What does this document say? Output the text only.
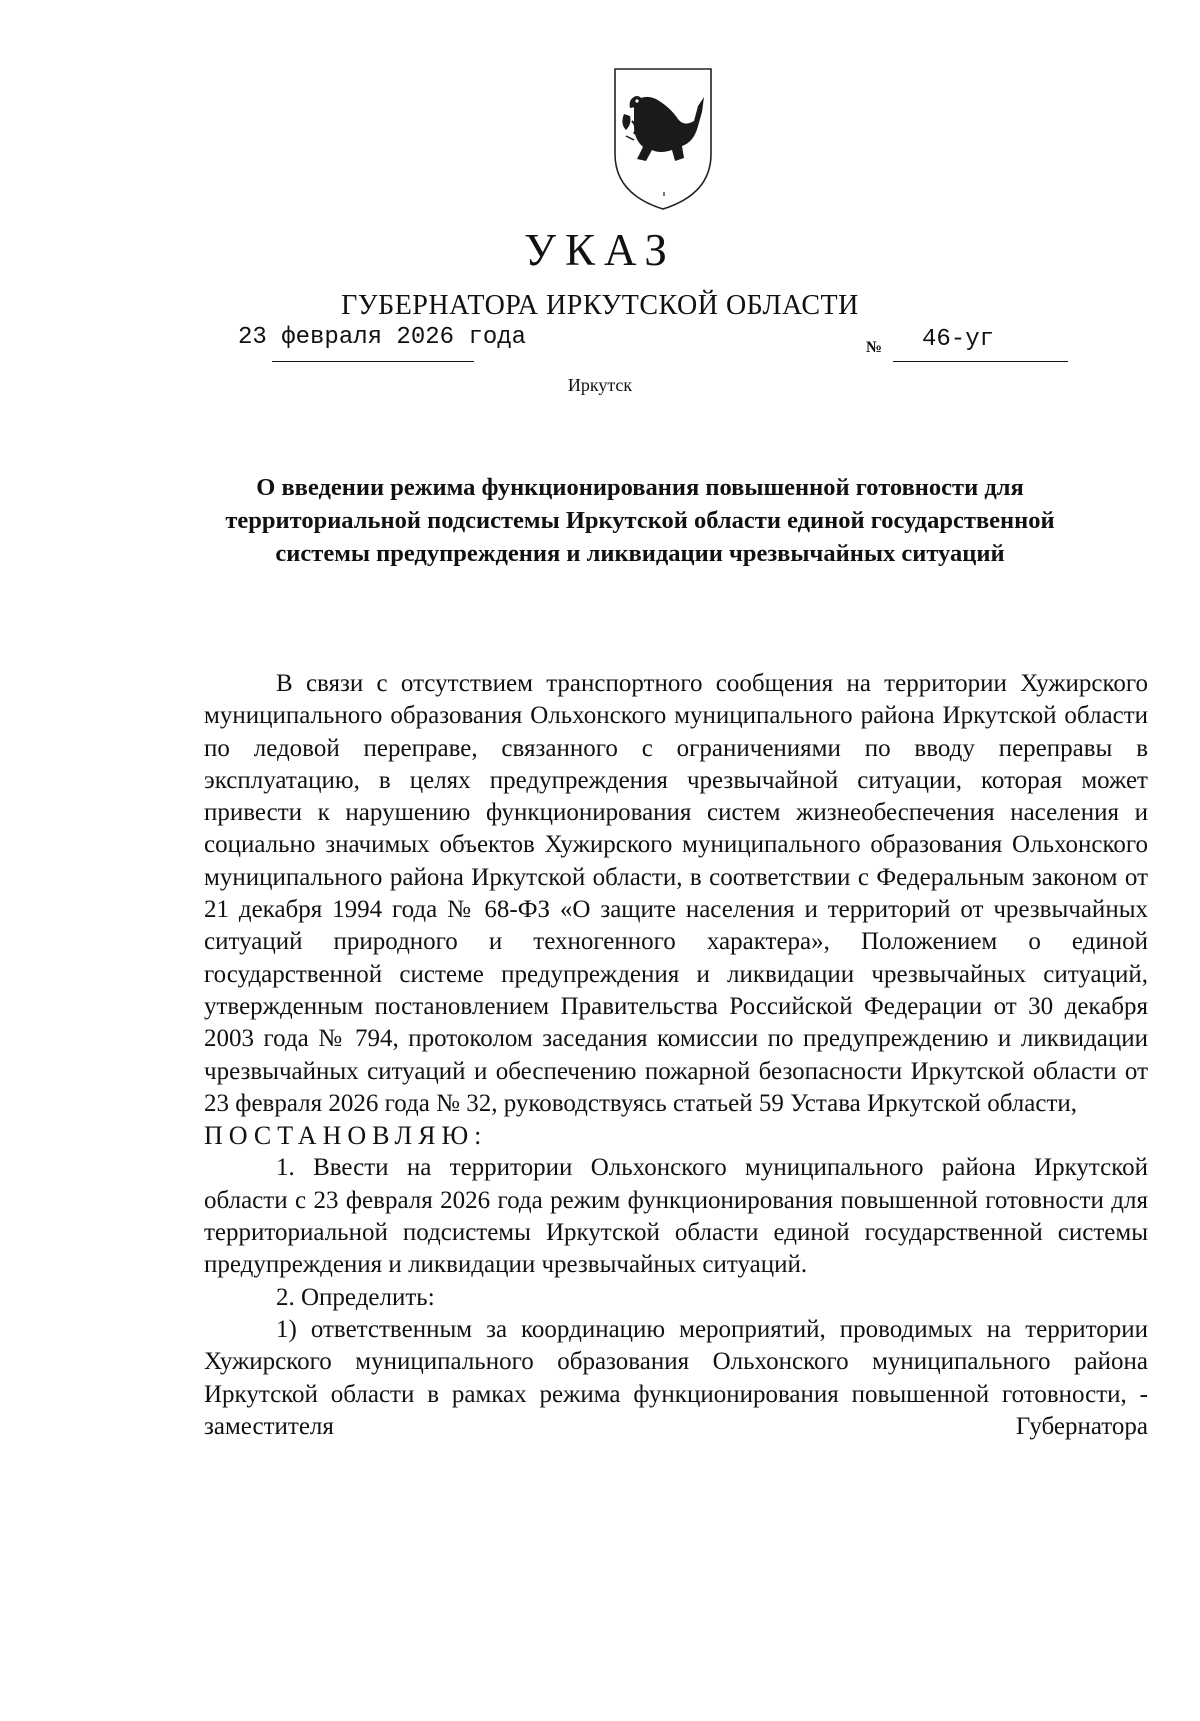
УКАЗ
ГУБЕРНАТОРА ИРКУТСКОЙ ОБЛАСТИ
23 февраля 2026 года	№ 46-уг
Иркутск
О введении режима функционирования повышенной готовности для территориальной подсистемы Иркутской области единой государственной системы предупреждения и ликвидации чрезвычайных ситуаций

В связи с отсутствием транспортного сообщения на территории Хужирского муниципального образования Ольхонского муниципального района Иркутской области по ледовой переправе, связанного с ограничениями по вводу переправы в эксплуатацию, в целях предупреждения чрезвычайной ситуации, которая может привести к нарушению функционирования систем жизнеобеспечения населения и социально значимых объектов Хужирского муниципального образования Ольхонского муниципального района Иркутской области, в соответствии с Федеральным законом от 21 декабря 1994 года № 68-ФЗ «О защите населения и территорий от чрезвычайных ситуаций природного и техногенного характера», Положением о единой государственной системе предупреждения и ликвидации чрезвычайных ситуаций, утвержденным постановлением Правительства Российской Федерации от 30 декабря 2003 года № 794, протоколом заседания комиссии по предупреждению и ликвидации чрезвычайных ситуаций и обеспечению пожарной безопасности Иркутской области от 23 февраля 2026 года № 32, руководствуясь статьей 59 Устава Иркутской области,

ПОСТАНОВЛЯЮ:

1. Ввести на территории Ольхонского муниципального района Иркутской области с 23 февраля 2026 года режим функционирования повышенной готовности для территориальной подсистемы Иркутской области единой государственной системы предупреждения и ликвидации чрезвычайных ситуаций.

2. Определить:

1) ответственным за координацию мероприятий, проводимых на территории Хужирского муниципального образования Ольхонского муниципального района Иркутской области в рамках режима функционирования повышенной готовности, - заместителя Губернатора
